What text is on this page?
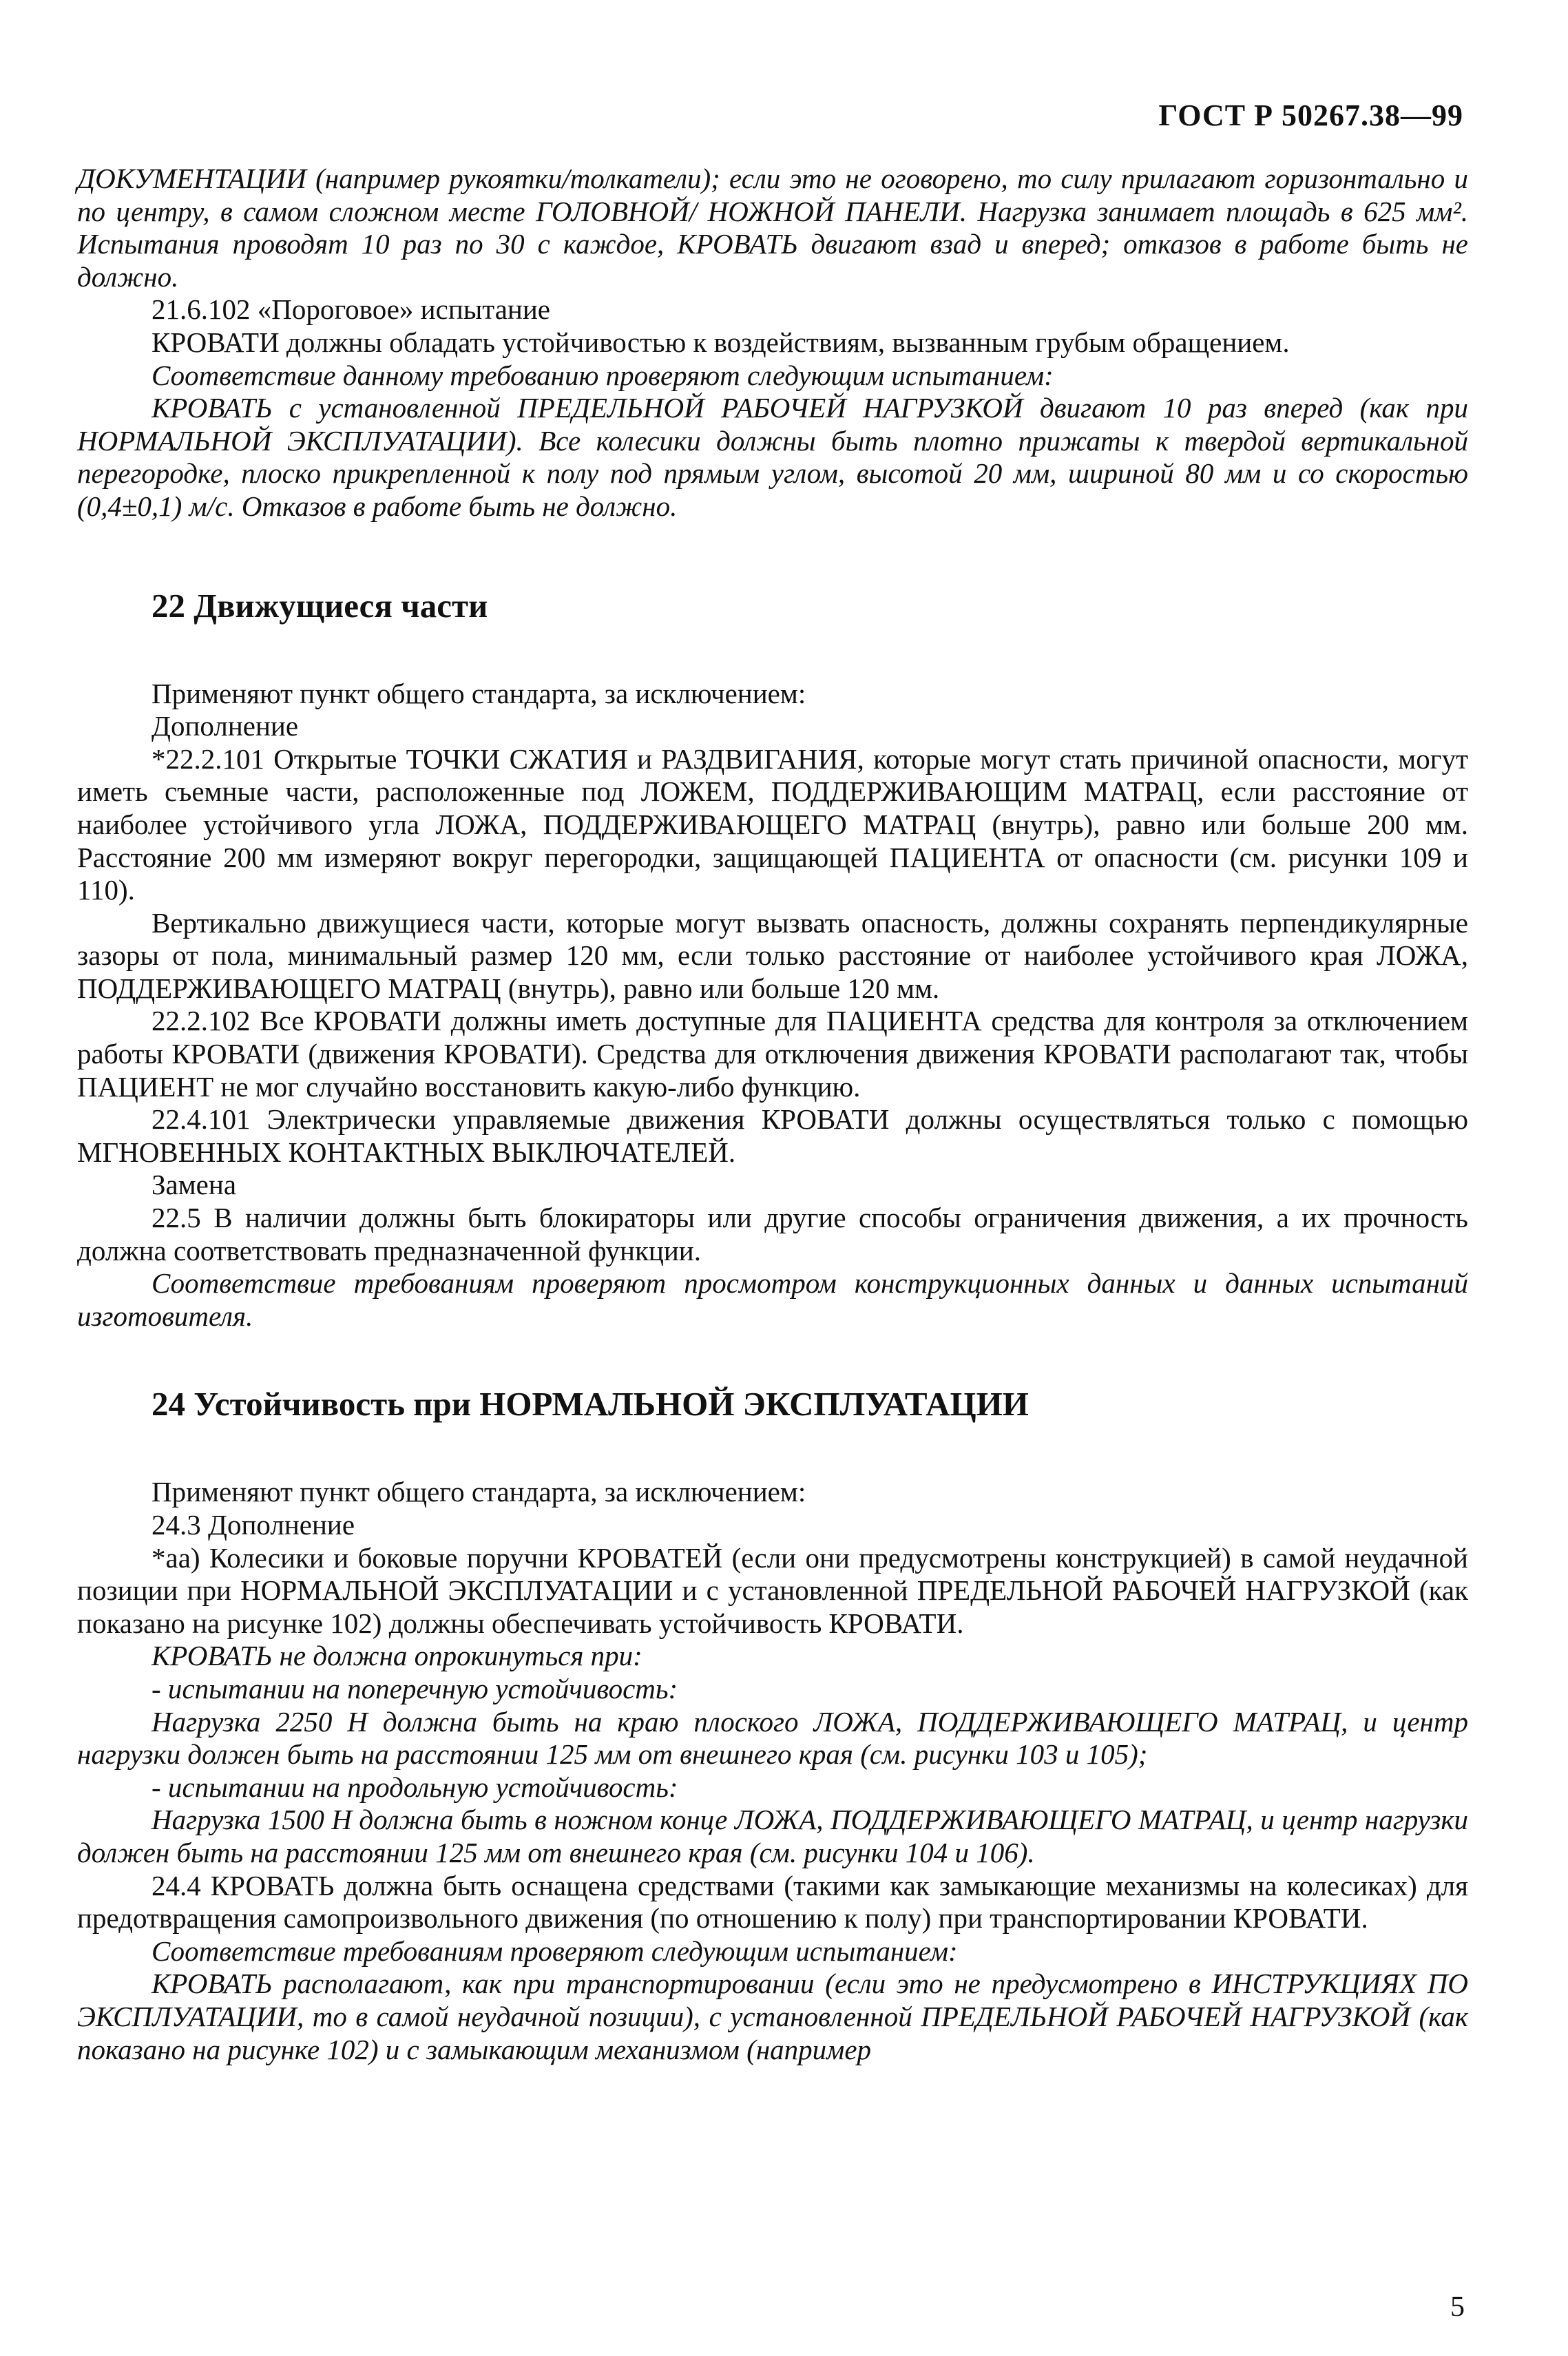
ГОСТ Р 50267.38—99

ДОКУМЕНТАЦИИ (например рукоятки/толкатели); если это не оговорено, то силу прилагают горизонтально и по центру, в самом сложном месте ГОЛОВНОЙ/ НОЖНОЙ ПАНЕЛИ. Нагрузка занимает площадь в 625 мм². Испытания проводят 10 раз по 30 с каждое, КРОВАТЬ двигают взад и вперед; отказов в работе быть не должно.

21.6.102 «Пороговое» испытание

КРОВАТИ должны обладать устойчивостью к воздействиям, вызванным грубым обращением.

Соответствие данному требованию проверяют следующим испытанием:

КРОВАТЬ с установленной ПРЕДЕЛЬНОЙ РАБОЧЕЙ НАГРУЗКОЙ двигают 10 раз вперед (как при НОРМАЛЬНОЙ ЭКСПЛУАТАЦИИ). Все колесики должны быть плотно прижаты к твердой вертикальной перегородке, плоско прикрепленной к полу под прямым углом, высотой 20 мм, шириной 80 мм и со скоростью (0,4±0,1) м/с. Отказов в работе быть не должно.

22 Движущиеся части

Применяют пункт общего стандарта, за исключением:

Дополнение

*22.2.101 Открытые ТОЧКИ СЖАТИЯ и РАЗДВИГАНИЯ, которые могут стать причиной опасности, могут иметь съемные части, расположенные под ЛОЖЕМ, ПОДДЕРЖИВАЮЩИМ МАТРАЦ, если расстояние от наиболее устойчивого угла ЛОЖА, ПОДДЕРЖИВАЮЩЕГО МАТРАЦ (внутрь), равно или больше 200 мм. Расстояние 200 мм измеряют вокруг перегородки, защищающей ПАЦИЕНТА от опасности (см. рисунки 109 и 110).

Вертикально движущиеся части, которые могут вызвать опасность, должны сохранять перпендикулярные зазоры от пола, минимальный размер 120 мм, если только расстояние от наиболее устойчивого края ЛОЖА, ПОДДЕРЖИВАЮЩЕГО МАТРАЦ (внутрь), равно или больше 120 мм.

22.2.102 Все КРОВАТИ должны иметь доступные для ПАЦИЕНТА средства для контроля за отключением работы КРОВАТИ (движения КРОВАТИ). Средства для отключения движения КРОВАТИ располагают так, чтобы ПАЦИЕНТ не мог случайно восстановить какую-либо функцию.

22.4.101 Электрически управляемые движения КРОВАТИ должны осуществляться только с помощью МГНОВЕННЫХ КОНТАКТНЫХ ВЫКЛЮЧАТЕЛЕЙ.

Замена

22.5 В наличии должны быть блокираторы или другие способы ограничения движения, а их прочность должна соответствовать предназначенной функции.

Соответствие требованиям проверяют просмотром конструкционных данных и данных испытаний изготовителя.

24 Устойчивость при НОРМАЛЬНОЙ ЭКСПЛУАТАЦИИ

Применяют пункт общего стандарта, за исключением:

24.3 Дополнение

*aa) Колесики и боковые поручни КРОВАТЕЙ (если они предусмотрены конструкцией) в самой неудачной позиции при НОРМАЛЬНОЙ ЭКСПЛУАТАЦИИ и с установленной ПРЕДЕЛЬНОЙ РАБОЧЕЙ НАГРУЗКОЙ (как показано на рисунке 102) должны обеспечивать устойчивость КРОВАТИ.

КРОВАТЬ не должна опрокинуться при:

- испытании на поперечную устойчивость:

Нагрузка 2250 Н должна быть на краю плоского ЛОЖА, ПОДДЕРЖИВАЮЩЕГО МАТРАЦ, и центр нагрузки должен быть на расстоянии 125 мм от внешнего края (см. рисунки 103 и 105);

- испытании на продольную устойчивость:

Нагрузка 1500 Н должна быть в ножном конце ЛОЖА, ПОДДЕРЖИВАЮЩЕГО МАТРАЦ, и центр нагрузки должен быть на расстоянии 125 мм от внешнего края (см. рисунки 104 и 106).

24.4 КРОВАТЬ должна быть оснащена средствами (такими как замыкающие механизмы на колесиках) для предотвращения самопроизвольного движения (по отношению к полу) при транспортировании КРОВАТИ.

Соответствие требованиям проверяют следующим испытанием:

КРОВАТЬ располагают, как при транспортировании (если это не предусмотрено в ИНСТРУКЦИЯХ ПО ЭКСПЛУАТАЦИИ, то в самой неудачной позиции), с установленной ПРЕДЕЛЬНОЙ РАБОЧЕЙ НАГРУЗКОЙ (как показано на рисунке 102) и с замыкающим механизмом (например

5
